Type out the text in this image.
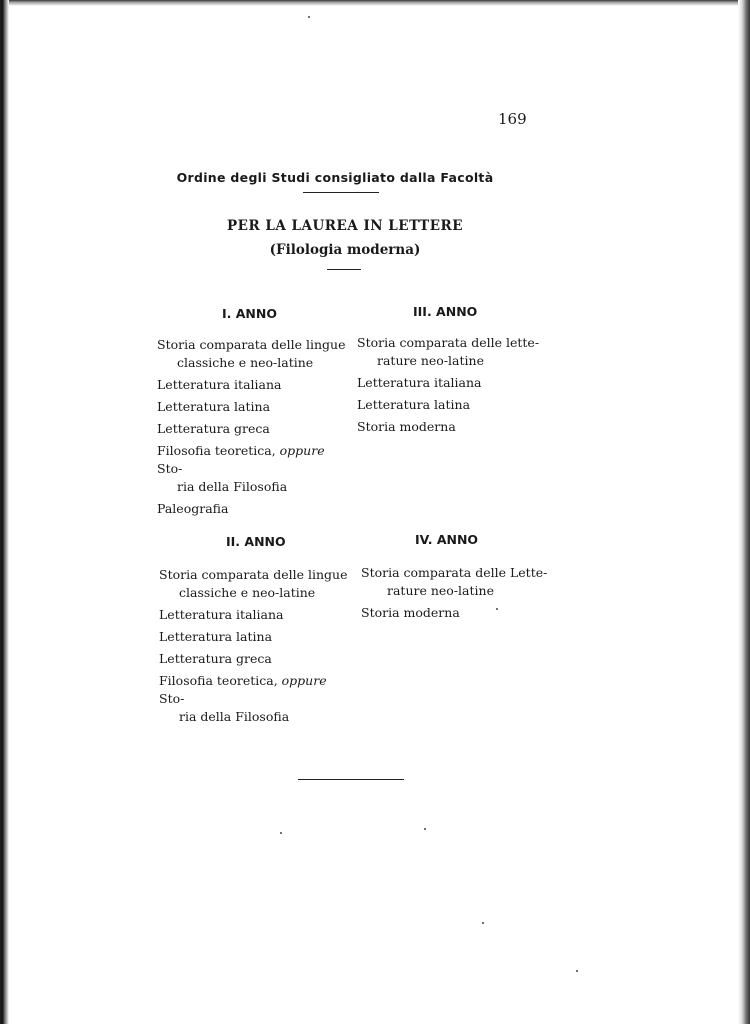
169
Ordine degli Studi consigliato dalla Facoltà
PER LA LAUREA IN LETTERE
(Filologia moderna)
I. ANNO
Storia comparata delle lingue
classiche e neo-latine
Letteratura italiana
Letteratura latina
Letteratura greca
Filosofia teoretica, oppure Sto-
ria della Filosofia
Paleografia
III. ANNO
Storia comparata delle lette-
rature neo-latine
Letteratura italiana
Letteratura latina
Storia moderna
II. ANNO
Storia comparata delle lingue
classiche e neo-latine
Letteratura italiana
Letteratura latina
Letteratura greca
Filosofia teoretica, oppure Sto-
ria della Filosofia
IV. ANNO
Storia comparata delle Lette-
rature neo-latine
Storia moderna
